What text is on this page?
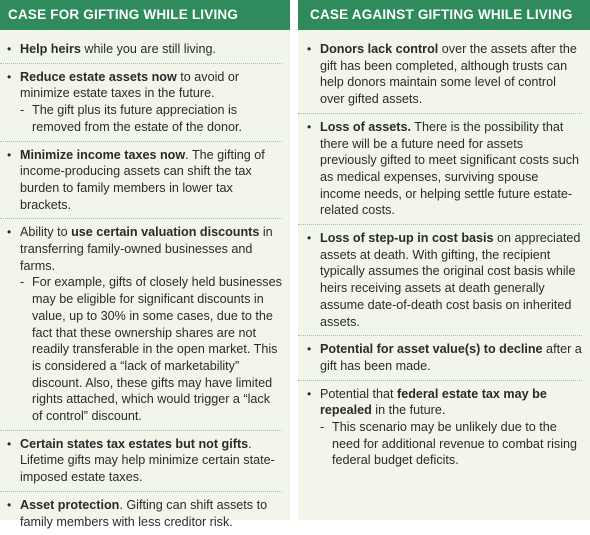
CASE FOR GIFTING WHILE LIVING
• Help heirs while you are still living.
• Reduce estate assets now to avoid or minimize estate taxes in the future.
- The gift plus its future appreciation is removed from the estate of the donor.
• Minimize income taxes now. The gifting of income-producing assets can shift the tax burden to family members in lower tax brackets.
• Ability to use certain valuation discounts in transferring family-owned businesses and farms.
- For example, gifts of closely held businesses may be eligible for significant discounts in value, up to 30% in some cases, due to the fact that these ownership shares are not readily transferable in the open market. This is considered a “lack of marketability” discount. Also, these gifts may have limited rights attached, which would trigger a “lack of control” discount.
• Certain states tax estates but not gifts. Lifetime gifts may help minimize certain state-imposed estate taxes.
• Asset protection. Gifting can shift assets to family members with less creditor risk.
CASE AGAINST GIFTING WHILE LIVING
• Donors lack control over the assets after the gift has been completed, although trusts can help donors maintain some level of control over gifted assets.
• Loss of assets. There is the possibility that there will be a future need for assets previously gifted to meet significant costs such as medical expenses, surviving spouse income needs, or helping settle future estate-related costs.
• Loss of step-up in cost basis on appreciated assets at death. With gifting, the recipient typically assumes the original cost basis while heirs receiving assets at death generally assume date-of-death cost basis on inherited assets.
• Potential for asset value(s) to decline after a gift has been made.
• Potential that federal estate tax may be repealed in the future.
- This scenario may be unlikely due to the need for additional revenue to combat rising federal budget deficits.
